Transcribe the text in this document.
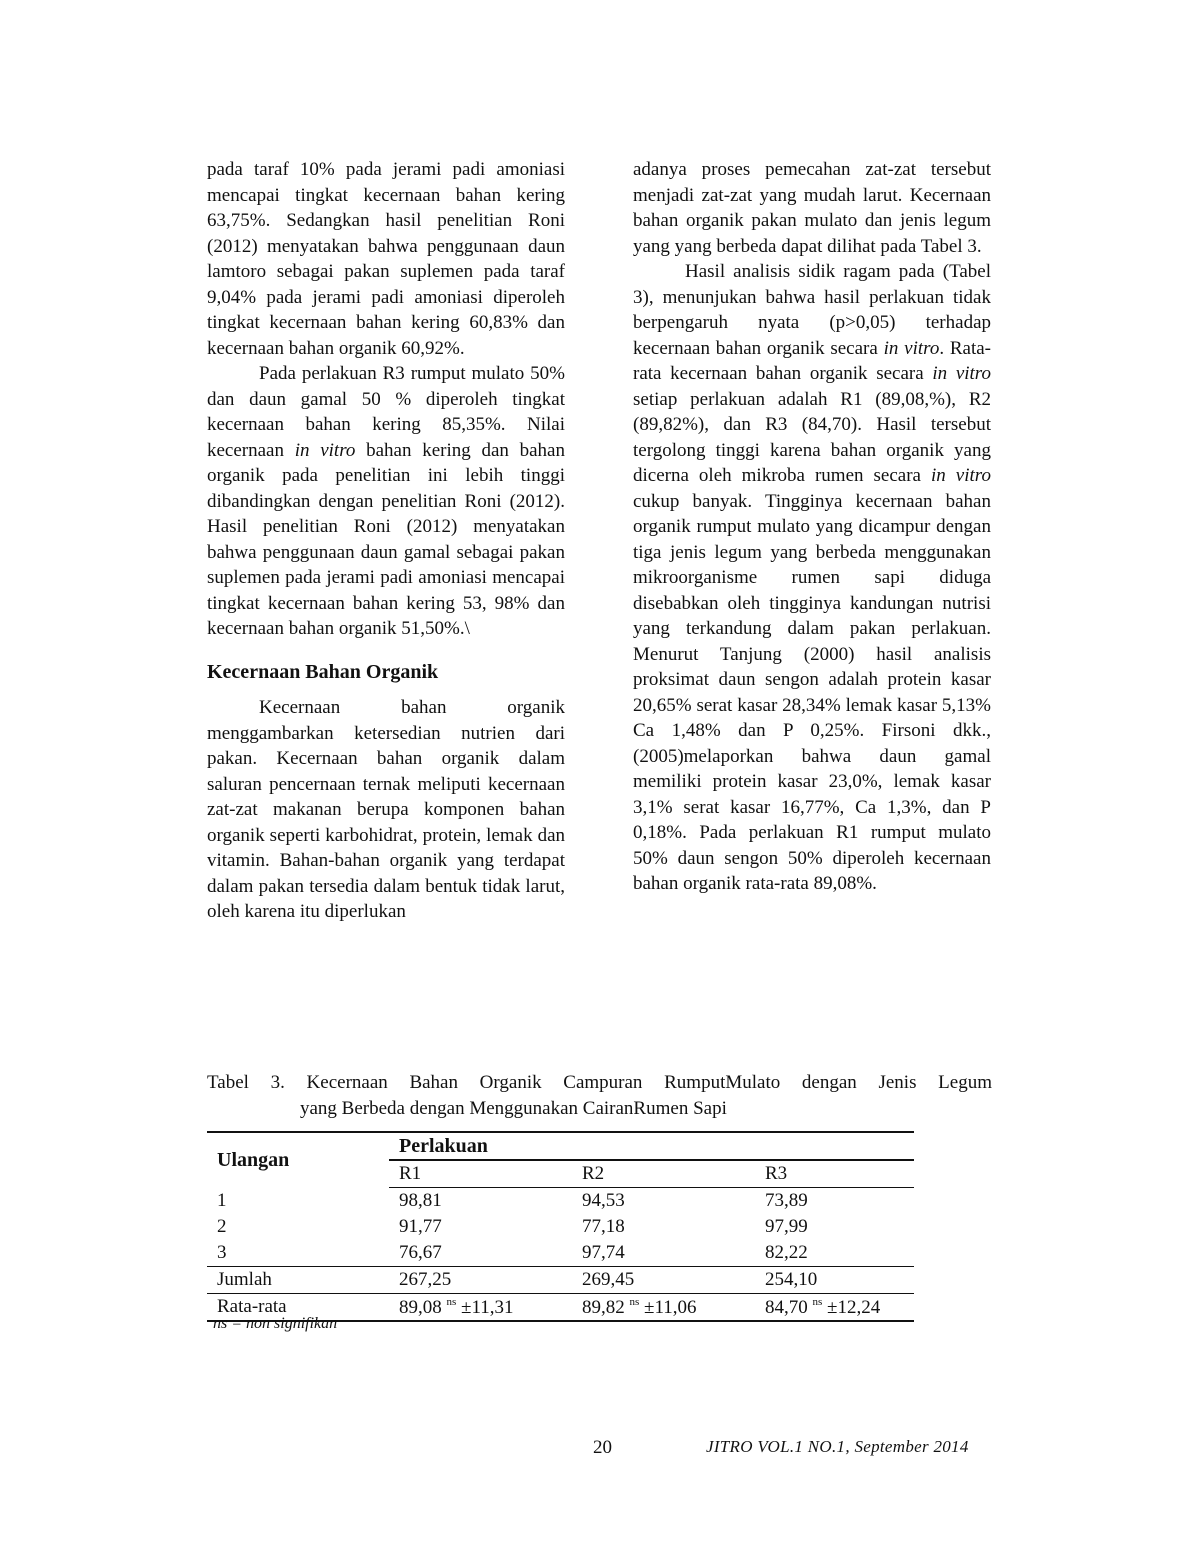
pada taraf 10% pada jerami padi amoniasi mencapai tingkat kecernaan bahan kering 63,75%. Sedangkan hasil penelitian Roni (2012) menyatakan bahwa penggunaan daun lamtoro sebagai pakan suplemen pada taraf 9,04% pada jerami padi amoniasi diperoleh tingkat kecernaan bahan kering 60,83% dan kecernaan bahan organik 60,92%.

Pada perlakuan R3 rumput mulato 50% dan daun gamal 50 % diperoleh tingkat kecernaan bahan kering 85,35%. Nilai kecernaan in vitro bahan kering dan bahan organik pada penelitian ini lebih tinggi dibandingkan dengan penelitian Roni (2012). Hasil penelitian Roni (2012) menyatakan bahwa penggunaan daun gamal sebagai pakan suplemen pada jerami padi amoniasi mencapai tingkat kecernaan bahan kering 53, 98% dan kecernaan bahan organik 51,50%.\

Kecernaan Bahan Organik

Kecernaan bahan organik menggambarkan ketersedian nutrien dari pakan. Kecernaan bahan organik dalam saluran pencernaan ternak meliputi kecernaan zat-zat makanan berupa komponen bahan organik seperti karbohidrat, protein, lemak dan vitamin. Bahan-bahan organik yang terdapat dalam pakan tersedia dalam bentuk tidak larut, oleh karena itu diperlukan

adanya proses pemecahan zat-zat tersebut menjadi zat-zat yang mudah larut. Kecernaan bahan organik pakan mulato dan jenis legum yang yang berbeda dapat dilihat pada Tabel 3.

Hasil analisis sidik ragam pada (Tabel 3), menunjukan bahwa hasil perlakuan tidak berpengaruh nyata (p>0,05) terhadap kecernaan bahan organik secara in vitro. Rata-rata kecernaan bahan organik secara in vitro setiap perlakuan adalah R1 (89,08,%), R2 (89,82%), dan R3 (84,70). Hasil tersebut tergolong tinggi karena bahan organik yang dicerna oleh mikroba rumen secara in vitro cukup banyak. Tingginya kecernaan bahan organik rumput mulato yang dicampur dengan tiga jenis legum yang berbeda menggunakan mikroorganisme rumen sapi diduga disebabkan oleh tingginya kandungan nutrisi yang terkandung dalam pakan perlakuan. Menurut Tanjung (2000) hasil analisis proksimat daun sengon adalah protein kasar 20,65% serat kasar 28,34% lemak kasar 5,13% Ca 1,48% dan P 0,25%. Firsoni dkk., (2005)melaporkan bahwa daun gamal memiliki protein kasar 23,0%, lemak kasar 3,1% serat kasar 16,77%, Ca 1,3%, dan P 0,18%. Pada perlakuan R1 rumput mulato 50% daun sengon 50% diperoleh kecernaan bahan organik rata-rata 89,08%.

Tabel 3. Kecernaan Bahan Organik Campuran RumputMulato dengan Jenis Legum
yang Berbeda dengan Menggunakan CairanRumen Sapi
Ulangan	Perlakuan		
	R1	R2	R3
1	98,81	94,53	73,89
2	91,77	77,18	97,99
3	76,67	97,74	82,22
Jumlah	267,25	269,45	254,10
Rata-rata	89,08 $^{ns}$ ±11,31	89,82 $^{ns}$ ±11,06	84,70 $^{ns}$ ±12,24
ns = non signifikan
20	JITRO VOL.1 NO.1, September 2014
